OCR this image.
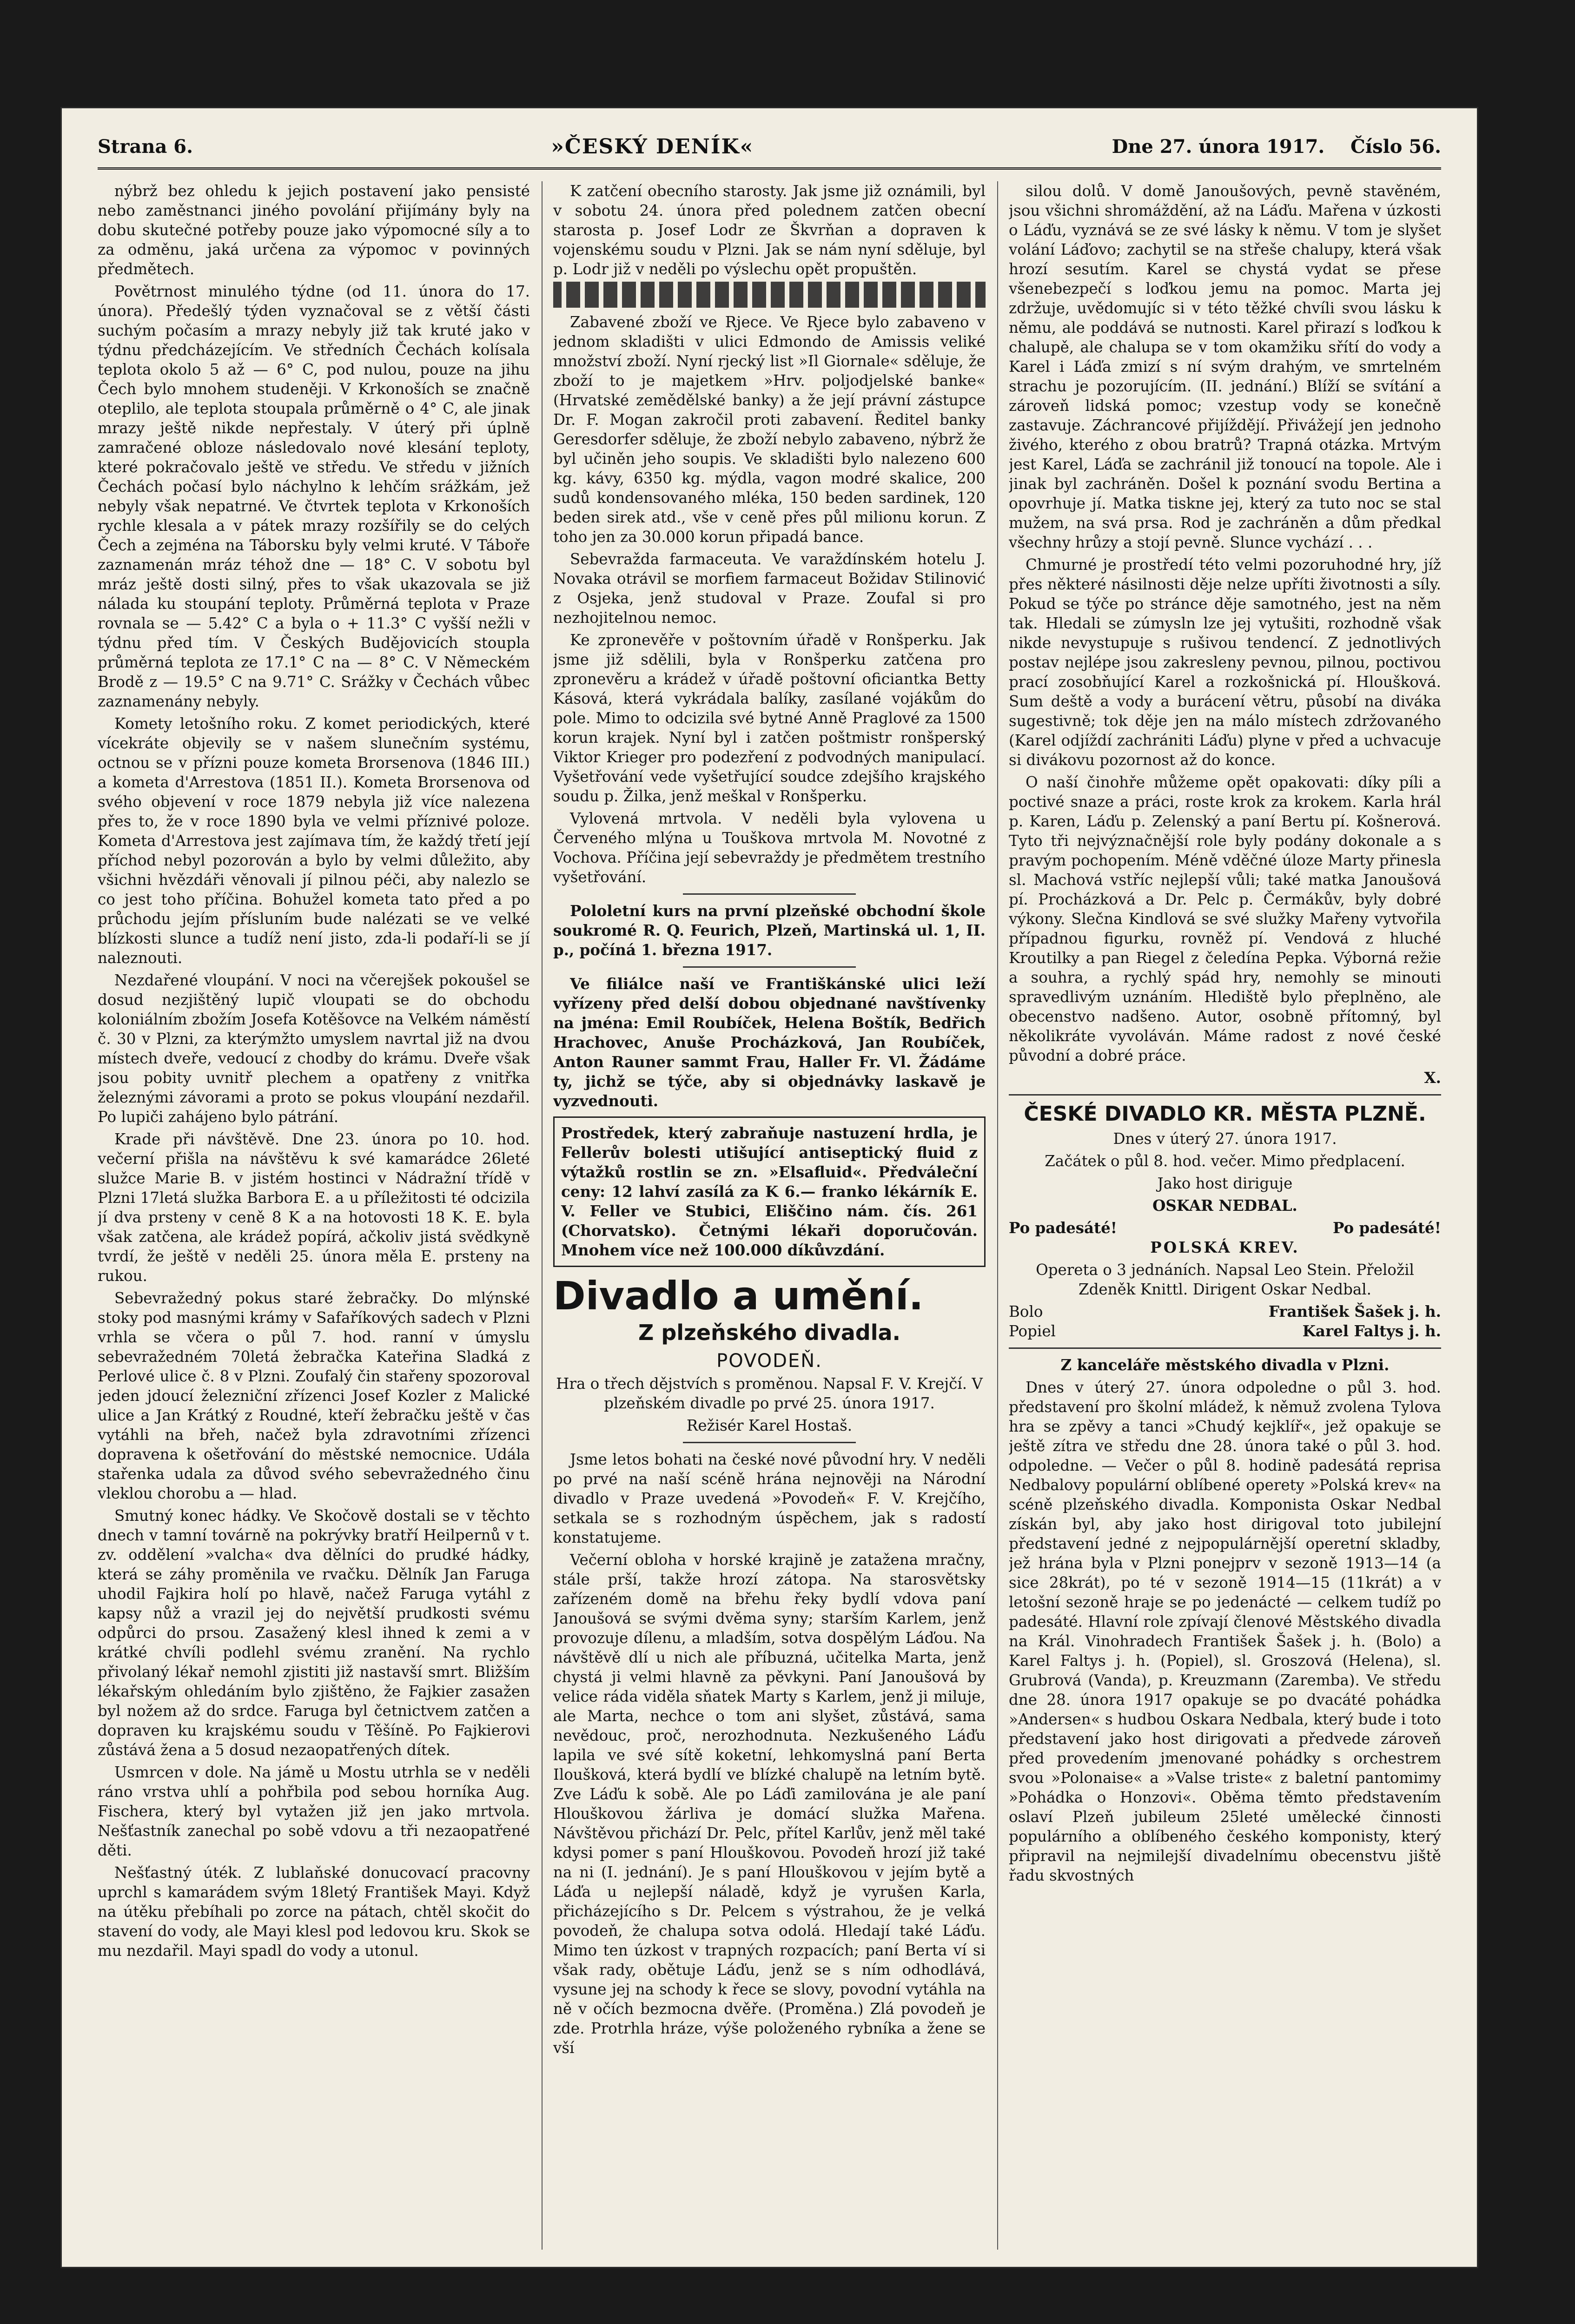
Strana 6.	»ČESKÝ DENÍK«	Dne 27. února 1917. Číslo 56.

nýbrž bez ohledu k jejich postavení jako pensisté nebo zaměstnanci jiného povolání přijímány byly na dobu skutečné potřeby pouze jako výpomocné síly a to za odměnu, jaká určena za výpomoc v povinných předmětech.

Povětrnost minulého týdne (od 11. února do 17. února). Předešlý týden vyznačoval se z větší části suchým počasím a mrazy nebyly již tak kruté jako v týdnu předcházejícím. Ve středních Čechách kolísala teplota okolo 5 až — 6° C, pod nulou, pouze na jihu Čech bylo mnohem studeněji. V Krkonoších se značně oteplilo, ale teplota stoupala průměrně o 4° C, ale jinak mrazy ještě nikde nepřestaly. V úterý při úplně zamračené obloze následovalo nové klesání teploty, které pokračovalo ještě ve středu. Ve středu v jižních Čechách počasí bylo náchylno k lehčím srážkám, jež nebyly však nepatrné. Ve čtvrtek teplota v Krkonoších rychle klesala a v pátek mrazy rozšířily se do celých Čech a zejména na Táborsku byly velmi kruté. V Táboře zaznamenán mráz téhož dne — 18° C. V sobotu byl mráz ještě dosti silný, přes to však ukazovala se již nálada ku stoupání teploty. Průměrná teplota v Praze rovnala se — 5.42° C a byla o + 11.3° C vyšší nežli v týdnu před tím. V Českých Budějovicích stoupla průměrná teplota ze 17.1° C na — 8° C. V Německém Brodě z — 19.5° C na 9.71° C. Srážky v Čechách vůbec zaznamenány nebyly.

Komety letošního roku. Z komet periodických, které vícekráte objevily se v našem slunečním systému, octnou se v přízni pouze kometa Brorsenova (1846 III.) a kometa d'Arrestova (1851 II.). Kometa Brorsenova od svého objevení v roce 1879 nebyla již více nalezena přes to, že v roce 1890 byla ve velmi příznivé poloze. Kometa d'Arrestova jest zajímava tím, že každý třetí její příchod nebyl pozorován a bylo by velmi důležito, aby všichni hvězdáři věnovali jí pilnou péči, aby nalezlo se co jest toho příčina. Bohužel kometa tato před a po průchodu jejím přísluním bude nalézati se ve velké blízkosti slunce a tudíž není jisto, zda-li podaří-li se jí naleznouti.

Nezdařené vloupání. V noci na včerejšek pokoušel se dosud nezjištěný lupič vloupati se do obchodu koloniálním zbožím Josefa Kotěšovce na Velkém náměstí č. 30 v Plzni, za kterýmžto umyslem navrtal již na dvou místech dveře, vedoucí z chodby do krámu. Dveře však jsou pobity uvnitř plechem a opatřeny z vnitřka železnými závorami a proto se pokus vloupání nezdařil. Po lupiči zahájeno bylo pátrání.

Krade při návštěvě. Dne 23. února po 10. hod. večerní přišla na návštěvu k své kamarádce 26leté služce Marie B. v jistém hostinci v Nádražní třídě v Plzni 17letá služka Barbora E. a u příležitosti té odcizila jí dva prsteny v ceně 8 K a na hotovosti 18 K. E. byla však zatčena, ale krádež popírá, ačkoliv jistá svědkyně tvrdí, že ještě v neděli 25. února měla E. prsteny na rukou.

Sebevražedný pokus staré žebračky. Do mlýnské stoky pod masnými krámy v Safaříkových sadech v Plzni vrhla se včera o půl 7. hod. ranní v úmyslu sebevražedném 70letá žebračka Kateřina Sladká z Perlové ulice č. 8 v Plzni. Zoufalý čin stařeny spozoroval jeden jdoucí železniční zřízenci Josef Kozler z Malické ulice a Jan Krátký z Roudné, kteří žebračku ještě v čas vytáhli na břeh, načež byla zdravotními zřízenci dopravena k ošetřování do městské nemocnice. Udála stařenka udala za důvod svého sebevražedného činu vleklou chorobu a — hlad.

Smutný konec hádky. Ve Skočově dostali se v těchto dnech v tamní továrně na pokrývky bratří Heilpernů v t. zv. oddělení »valcha« dva dělníci do prudké hádky, která se záhy proměnila ve rvačku. Dělník Jan Faruga uhodil Fajkira holí po hlavě, načež Faruga vytáhl z kapsy nůž a vrazil jej do největší prudkosti svému odpůrci do prsou. Zasažený klesl ihned k zemi a v krátké chvíli podlehl svému zranění. Na rychlo přivolaný lékař nemohl zjistiti již nastavší smrt. Bližším lékařským ohledáním bylo zjištěno, že Fajkier zasažen byl nožem až do srdce. Faruga byl četnictvem zatčen a dopraven ku krajskému soudu v Těšíně. Po Fajkierovi zůstává žena a 5 dosud nezaopatřených dítek.

Usmrcen v dole. Na jámě u Mostu utrhla se v neděli ráno vrstva uhlí a pohřbila pod sebou horníka Aug. Fischera, který byl vytažen již jen jako mrtvola. Nešťastník zanechal po sobě vdovu a tři nezaopatřené děti.

Nešťastný úték. Z lublaňské donucovací pracovny uprchl s kamarádem svým 18letý František Mayi. Když na útěku přebíhali po zorce na pátach, chtěl skočit do stavení do vody, ale Mayi klesl pod ledovou kru. Skok se mu nezdařil. Mayi spadl do vody a utonul.

K zatčení obecního starosty. Jak jsme již oznámili, byl v sobotu 24. února před polednem zatčen obecní starosta p. Josef Lodr ze Škvrňan a dopraven k vojenskému soudu v Plzni. Jak se nám nyní sděluje, byl p. Lodr již v neděli po výslechu opět propuštěn.

Zabavené zboží ve Rjece. Ve Rjece bylo zabaveno v jednom skladišti v ulici Edmondo de Amissis veliké množství zboží. Nyní rjecký list »Il Giornale« sděluje, že zboží to je majetkem »Hrv. poljodjelské banke« (Hrvatské zemědělské banky) a že její právní zástupce Dr. F. Mogan zakročil proti zabavení. Ředitel banky Geresdorfer sděluje, že zboží nebylo zabaveno, nýbrž že byl učiněn jeho soupis. Ve skladišti bylo nalezeno 600 kg. kávy, 6350 kg. mýdla, vagon modré skalice, 200 sudů kondensovaného mléka, 150 beden sardinek, 120 beden sirek atd., vše v ceně přes půl milionu korun. Z toho jen za 30.000 korun připadá bance.

Sebevražda farmaceuta. Ve varaždínském hotelu J. Novaka otrávil se morfiem farmaceut Božidav Stilinović z Osjeka, jenž studoval v Praze. Zoufal si pro nezhojitelnou nemoc.

Ke zpronevěře v poštovním úřadě v Ronšperku. Jak jsme již sdělili, byla v Ronšperku zatčena pro zpronevěru a krádež v úřadě poštovní oficiantka Betty Kásová, která vykrádala balíky, zasílané vojákům do pole. Mimo to odcizila své bytné Anně Praglové za 1500 korun krajek. Nyní byl i zatčen poštmistr ronšperský Viktor Krieger pro podezření z podvodných manipulací. Vyšetřování vede vyšetřující soudce zdejšího krajského soudu p. Žilka, jenž meškal v Ronšperku.

Vylovená mrtvola. V neděli byla vylovena u Červeného mlýna u Touškova mrtvola M. Novotné z Vochova. Příčina její sebevraždy je předmětem trestního vyšetřování.

Pololetní kurs na první plzeňské obchodní škole soukromé R. Q. Feurich, Plzeň, Martinská ul. 1, II. p., počíná 1. března 1917.

Ve filiálce naší ve Františkánské ulici leží vyřízeny před delší dobou objednané navštívenky na jména: Emil Roubíček, Helena Boštík, Bedřich Hrachovec, Anuše Procházková, Jan Roubíček, Anton Rauner sammt Frau, Haller Fr. Vl. Žádáme ty, jichž se týče, aby si objednávky laskavě je vyzvednouti.

Prostředek, který zabraňuje nastuzení hrdla, je Fellerův bolesti utišující antiseptický fluid z výtažků rostlin se zn. »Elsafluid«. Předváleční ceny: 12 lahví zasílá za K 6.— franko lékárník E. V. Feller ve Stubici, Eliščino nám. čís. 261 (Chorvatsko). Četnými lékaři doporučován. Mnohem více než 100.000 díkůvzdání.
Divadlo a umění.
Z plzeňského divadla.
POVODEŇ.

Hra o třech dějstvích s proměnou. Napsal F. V. Krejčí. V plzeňském divadle po prvé 25. února 1917.

Režisér Karel Hostaš.

Jsme letos bohati na české nové původní hry. V neděli po prvé na naší scéně hrána nejnověji na Národní divadlo v Praze uvedená »Povodeň« F. V. Krejčího, setkala se s rozhodným úspěchem, jak s radostí konstatujeme.

Večerní obloha v horské krajině je zatažena mračny, stále prší, takže hrozí zátopa. Na starosvětsky zařízeném domě na břehu řeky bydlí vdova paní Janoušová se svými dvěma syny; starším Karlem, jenž provozuje dílenu, a mladším, sotva dospělým Láďou. Na návštěvě dlí u nich ale příbuzná, učitelka Marta, jenž chystá ji velmi hlavně za pěvkyni. Paní Janoušová by velice ráda viděla sňatek Marty s Karlem, jenž ji miluje, ale Marta, nechce o tom ani slyšet, zůstává, sama nevědouc, proč, nerozhodnuta. Nezkušeného Láďu lapila ve své sítě koketní, lehkomyslná paní Berta Iloušková, která bydlí ve blízké chalupě na letním bytě. Zve Láďu k sobě. Ale po Láďi zamilována je ale paní Hlouškovou žárliva je domácí služka Mařena. Návštěvou přichází Dr. Pelc, přítel Karlův, jenž měl také kdysi pomer s paní Hlouškovou. Povodeň hrozí již také na ni (I. jednání). Je s paní Hlouškovou v jejím bytě a Láďa u nejlepší náladě, když je vyrušen Karla, přicházejícího s Dr. Pelcem s výstrahou, že je velká povodeň, že chalupa sotva odolá. Hledají také Láďu. Mimo ten úzkost v trapných rozpacích; paní Berta ví si však rady, obětuje Láďu, jenž se s ním odhodlává, vysune jej na schody k řece se slovy, povodní vytáhla na ně v očích bezmocna dvěře. (Proměna.) Zlá povodeň je zde. Protrhla hráze, výše položeného rybníka a žene se vší

silou dolů. V domě Janoušových, pevně stavěném, jsou všichni shromáždění, až na Láďu. Mařena v úzkosti o Láďu, vyznává se ze své lásky k němu. V tom je slyšet volání Láďovo; zachytil se na střeše chalupy, která však hrozí sesutím. Karel se chystá vydat se přese všenebezpečí s loďkou jemu na pomoc. Marta jej zdržuje, uvědomujíc si v této těžké chvíli svou lásku k němu, ale poddává se nutnosti. Karel přirazí s loďkou k chalupě, ale chalupa se v tom okamžiku sřítí do vody a Karel i Láďa zmizí s ní svým drahým, ve smrtelném strachu je pozorujícím. (II. jednání.) Blíží se svítání a zároveň lidská pomoc; vzestup vody se konečně zastavuje. Záchrancové přijíždějí. Přivážejí jen jednoho živého, kterého z obou bratrů? Trapná otázka. Mrtvým jest Karel, Láďa se zachránil již tonoucí na topole. Ale i jinak byl zachráněn. Došel k poznání svodu Bertina a opovrhuje jí. Matka tiskne jej, který za tuto noc se stal mužem, na svá prsa. Rod je zachráněn a dům předkal všechny hrůzy a stojí pevně. Slunce vychází . . .

Chmurné je prostředí této velmi pozoruhodné hry, jíž přes některé násilnosti děje nelze upříti životnosti a síly. Pokud se týče po stránce děje samotného, jest na něm tak. Hledali se zúmysln lze jej vytušiti, rozhodně však nikde nevystupuje s rušivou tendencí. Z jednotlivých postav nejlépe jsou zakresleny pevnou, pilnou, poctivou prací zosobňující Karel a rozkošnická pí. Hloušková. Sum deště a vody a burácení větru, působí na diváka sugestivně; tok děje jen na málo místech zdržovaného (Karel odjíždí zachrániti Láďu) plyne v před a uchvacuje si divákovu pozornost až do konce.

O naší činohře můžeme opět opakovati: díky píli a poctivé snaze a práci, roste krok za krokem. Karla hrál p. Karen, Láďu p. Zelenský a paní Bertu pí. Košnerová. Tyto tři nejvýznačnější role byly podány dokonale a s pravým pochopením. Méně vděčné úloze Marty přinesla sl. Machová vstříc nejlepší vůli; také matka Janoušová pí. Procházková a Dr. Pelc p. Čermákův, byly dobré výkony. Slečna Kindlová se své služky Mařeny vytvořila případnou figurku, rovněž pí. Vendová z hluché Kroutilky a pan Riegel z čeledína Pepka. Výborná režie a souhra, a rychlý spád hry, nemohly se minouti spravedlivým uznáním. Hlediště bylo přeplněno, ale obecenstvo nadšeno. Autor, osobně přítomný, byl několikráte vyvoláván. Máme radost z nové české původní a dobré práce.

X.

ČESKÉ DIVADLO KR. MĚSTA PLZNĚ.

Dnes v úterý 27. února 1917.

Začátek o půl 8. hod. večer. Mimo předplacení.

Jako host diriguje

OSKAR NEDBAL.

Po padesáté!	Po padesáté!

POLSKÁ KREV.

Opereta o 3 jednáních. Napsal Leo Stein. Přeložil Zdeněk Knittl. Dirigent Oskar Nedbal.

Bolo	František Šašek j. h.
Popiel	Karel Faltys j. h.

Z kanceláře městského divadla v Plzni.

Dnes v úterý 27. února odpoledne o půl 3. hod. představení pro školní mládež, k němuž zvolena Tylova hra se zpěvy a tanci »Chudý kejklíř«, jež opakuje se ještě zítra ve středu dne 28. února také o půl 3. hod. odpoledne. — Večer o půl 8. hodině padesátá reprisa Nedbalovy populární oblíbené operety »Polská krev« na scéně plzeňského divadla. Komponista Oskar Nedbal získán byl, aby jako host dirigoval toto jubilejní představení jedné z nejpopulárnější operetní skladby, jež hrána byla v Plzni ponejprv v sezoně 1913—14 (a sice 28krát), po té v sezoně 1914—15 (11krát) a v letošní sezoně hraje se po jedenácté — celkem tudíž po padesáté. Hlavní role zpívají členové Městského divadla na Král. Vinohradech František Šašek j. h. (Bolo) a Karel Faltys j. h. (Popiel), sl. Groszová (Helena), sl. Grubrová (Vanda), p. Kreuzmann (Zaremba). Ve středu dne 28. února 1917 opakuje se po dvacáté pohádka »Andersen« s hudbou Oskara Nedbala, který bude i toto představení jako host dirigovati a předvede zároveň před provedením jmenované pohádky s orchestrem svou »Polonaise« a »Valse triste« z baletní pantomimy »Pohádka o Honzovi«. Oběma těmto představením oslaví Plzeň jubileum 25leté umělecké činnosti populárního a oblíbeného českého komponisty, který připravil na nejmilejší divadelnímu obecenstvu jiště řadu skvostných
